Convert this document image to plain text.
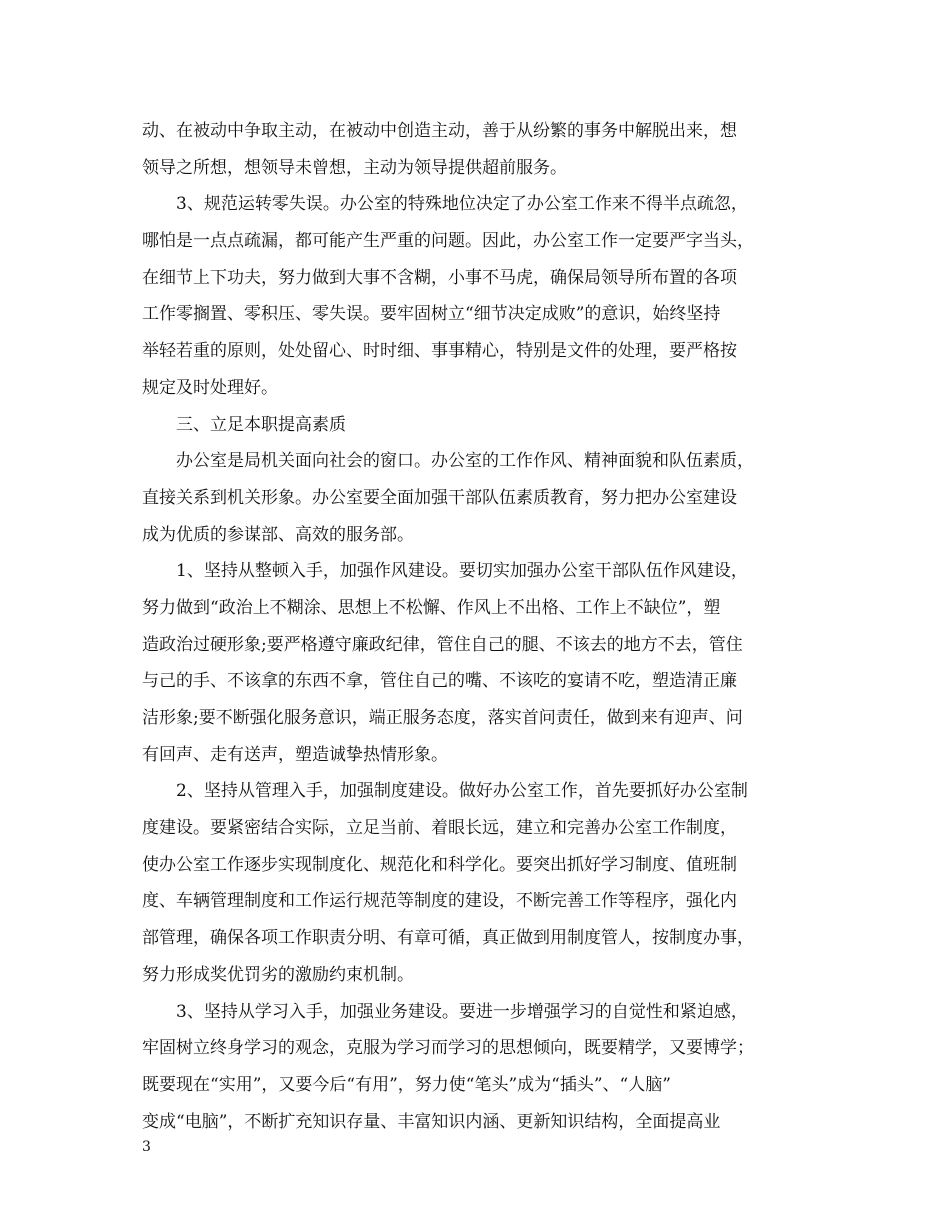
动、在被动中争取主动，在被动中创造主动，善于从纷繁的事务中解脱出来，想
领导之所想，想领导未曾想，主动为领导提供超前服务。
3、规范运转零失误。办公室的特殊地位决定了办公室工作来不得半点疏忽，
哪怕是一点点疏漏，都可能产生严重的问题。因此，办公室工作一定要严字当头，
在细节上下功夫，努力做到大事不含糊，小事不马虎，确保局领导所布置的各项
工作零搁置、零积压、零失误。要牢固树立“细节决定成败”的意识，始终坚持
举轻若重的原则，处处留心、时时细、事事精心，特别是文件的处理，要严格按
规定及时处理好。
三、立足本职提高素质
办公室是局机关面向社会的窗口。办公室的工作作风、精神面貌和队伍素质，
直接关系到机关形象。办公室要全面加强干部队伍素质教育，努力把办公室建设
成为优质的参谋部、高效的服务部。
1、坚持从整顿入手，加强作风建设。要切实加强办公室干部队伍作风建设，
努力做到“政治上不糊涂、思想上不松懈、作风上不出格、工作上不缺位”，塑
造政治过硬形象;要严格遵守廉政纪律，管住自己的腿、不该去的地方不去，管住
与己的手、不该拿的东西不拿，管住自己的嘴、不该吃的宴请不吃，塑造清正廉
洁形象;要不断强化服务意识，端正服务态度，落实首问责任，做到来有迎声、问
有回声、走有送声，塑造诚挚热情形象。
2、坚持从管理入手，加强制度建设。做好办公室工作，首先要抓好办公室制
度建设。要紧密结合实际，立足当前、着眼长远，建立和完善办公室工作制度，
使办公室工作逐步实现制度化、规范化和科学化。要突出抓好学习制度、值班制
度、车辆管理制度和工作运行规范等制度的建设，不断完善工作等程序，强化内
部管理，确保各项工作职责分明、有章可循，真正做到用制度管人，按制度办事，
努力形成奖优罚劣的激励约束机制。
3、坚持从学习入手，加强业务建设。要进一步增强学习的自觉性和紧迫感，
牢固树立终身学习的观念，克服为学习而学习的思想倾向，既要精学，又要博学；
既要现在“实用”，又要今后“有用”，努力使“笔头”成为“插头”、“人脑”
变成“电脑”，不断扩充知识存量、丰富知识内涵、更新知识结构，全面提高业
3
